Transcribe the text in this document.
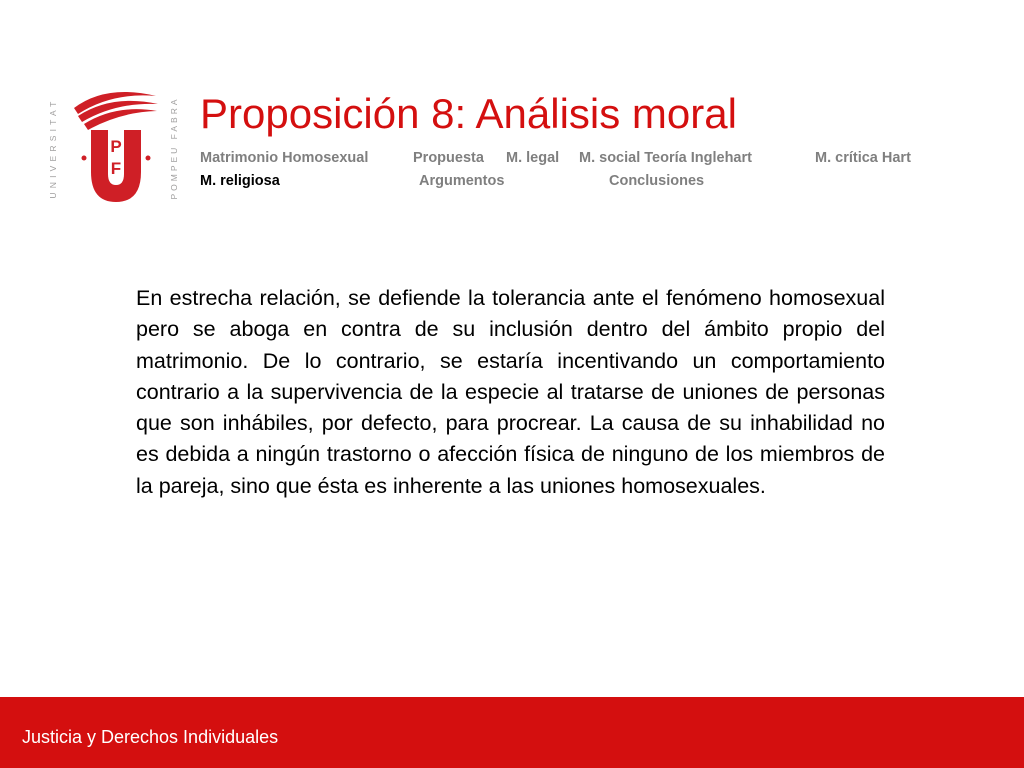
UNIVERSITAT	POMPEU FABRA
P
F
Proposición 8: Análisis moral
Matrimonio Homosexual	Propuesta M. legal M. social Teoría Inglehart	M. crítica Hart
M. religiosa	Argumentos	Conclusiones

En estrecha relación, se defiende la tolerancia ante el fenómeno homosexual pero se aboga en contra de su inclusión dentro del ámbito propio del matrimonio. De lo contrario, se estaría incentivando un comportamiento contrario a la supervivencia de la especie al tratarse de uniones de personas que son inhábiles, por defecto, para procrear. La causa de su inhabilidad no es debida a ningún trastorno o afección física de ninguno de los miembros de la pareja, sino que ésta es inherente a las uniones homosexuales.

Justicia y Derechos Individuales
